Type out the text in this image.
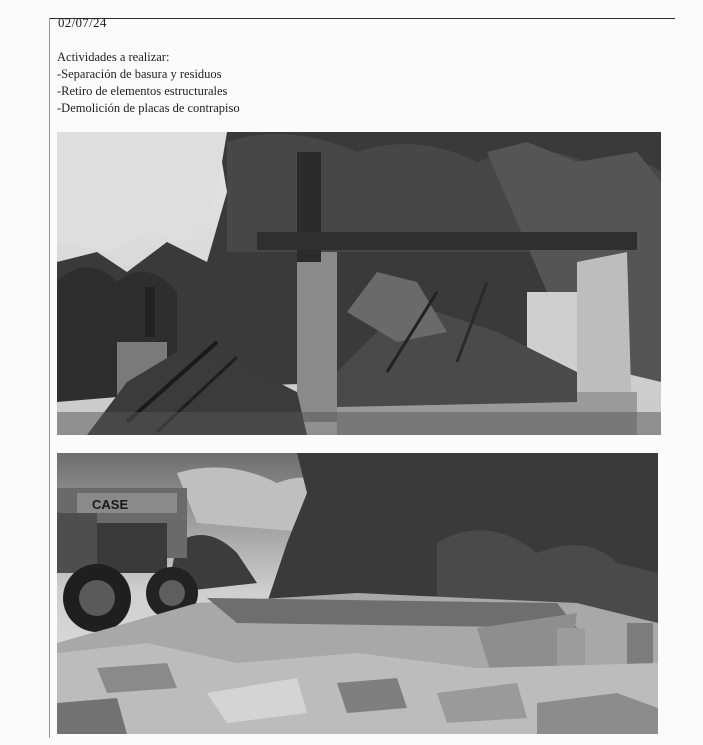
02/07/24
Actividades a realizar:
-Separación de basura y residuos
-Retiro de elementos estructurales
-Demolición de placas de contrapiso
CASE
